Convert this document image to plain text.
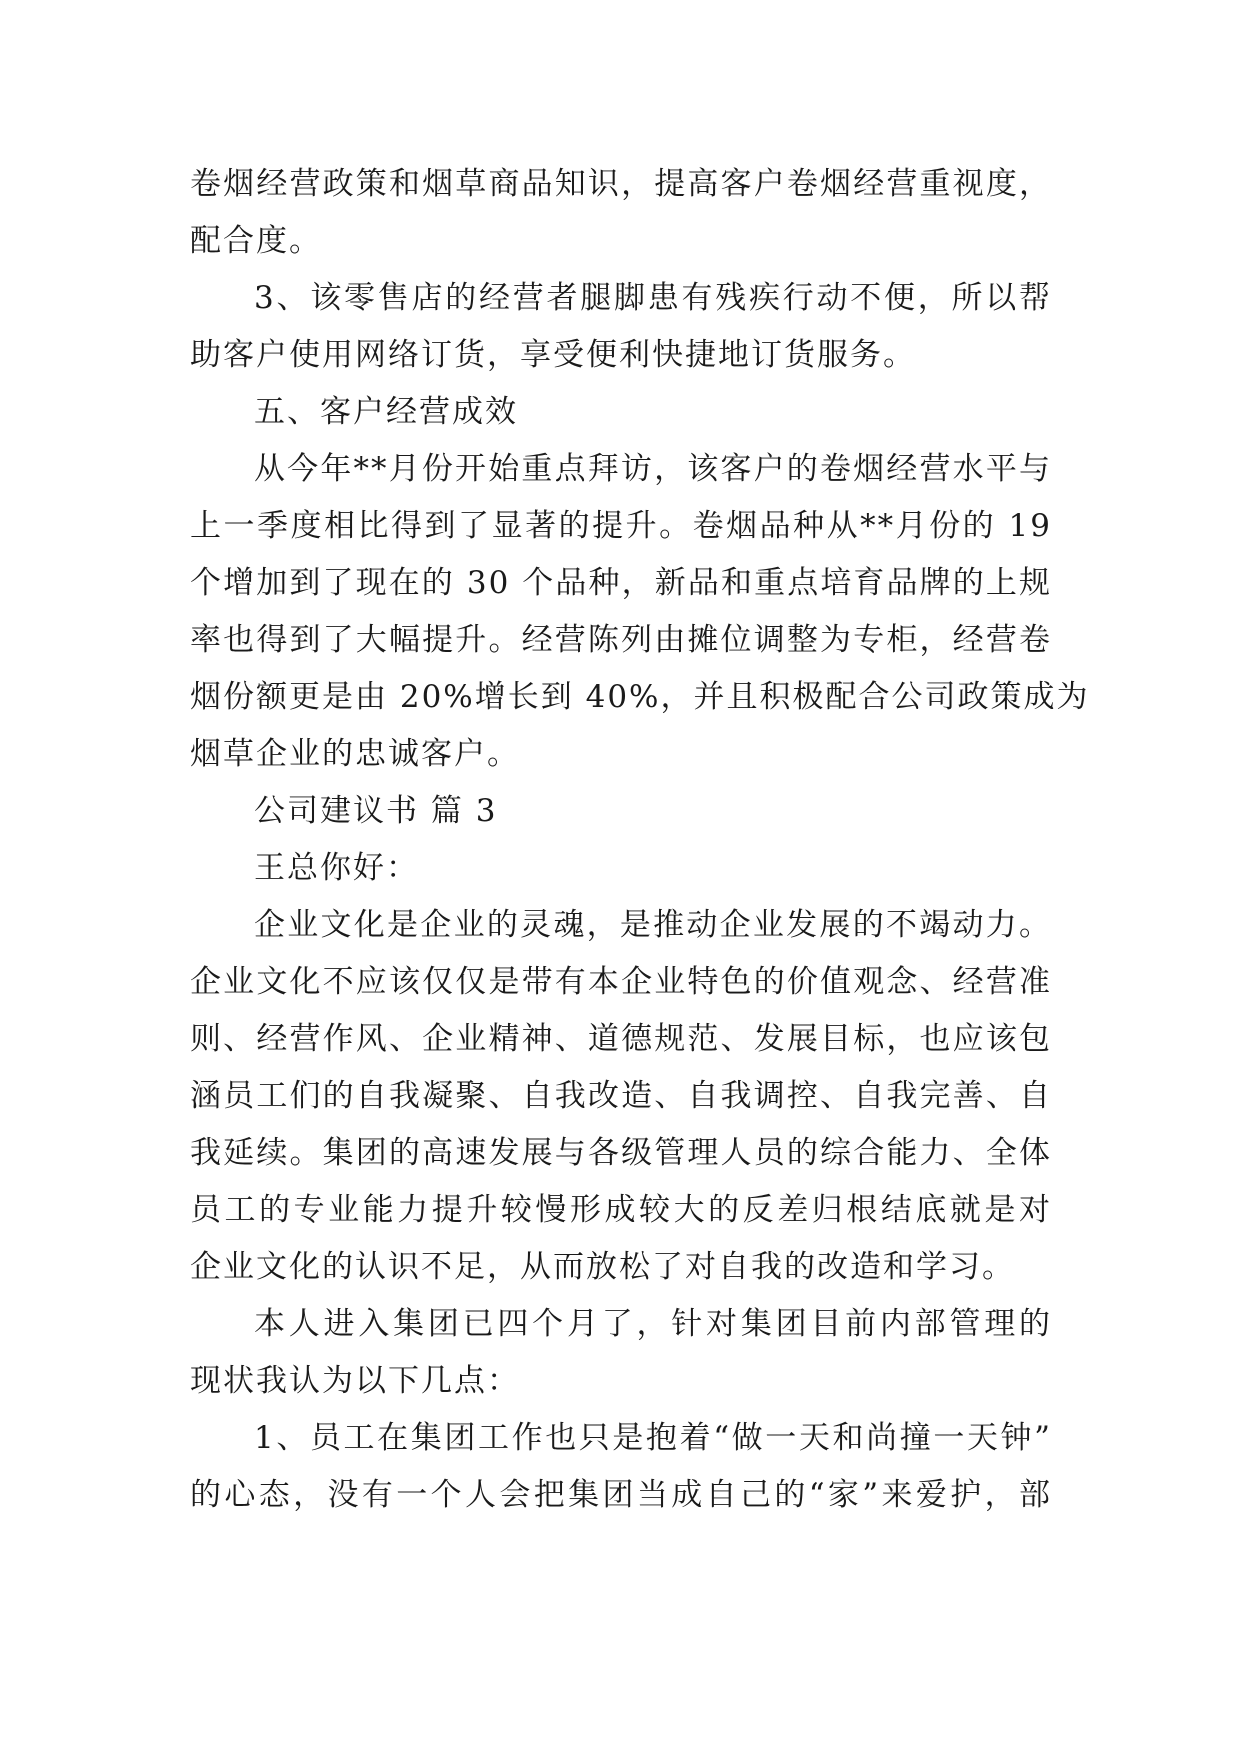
卷烟经营政策和烟草商品知识，提高客户卷烟经营重视度，
配合度。
3、该零售店的经营者腿脚患有残疾行动不便，所以帮
助客户使用网络订货，享受便利快捷地订货服务。
五、客户经营成效
从今年**月份开始重点拜访，该客户的卷烟经营水平与
上一季度相比得到了显著的提升。卷烟品种从**月份的 19
个增加到了现在的 30 个品种，新品和重点培育品牌的上规
率也得到了大幅提升。经营陈列由摊位调整为专柜，经营卷
烟份额更是由 20%增长到 40%，并且积极配合公司政策成为
烟草企业的忠诚客户。
公司建议书 篇 3
王总你好：
企业文化是企业的灵魂，是推动企业发展的不竭动力。
企业文化不应该仅仅是带有本企业特色的价值观念、经营准
则、经营作风、企业精神、道德规范、发展目标，也应该包
涵员工们的自我凝聚、自我改造、自我调控、自我完善、自
我延续。集团的高速发展与各级管理人员的综合能力、全体
员工的专业能力提升较慢形成较大的反差归根结底就是对
企业文化的认识不足，从而放松了对自我的改造和学习。
本人进入集团已四个月了，针对集团目前内部管理的
现状我认为以下几点：
1、员工在集团工作也只是抱着“做一天和尚撞一天钟”
的心态，没有一个人会把集团当成自己的“家”来爱护，部
